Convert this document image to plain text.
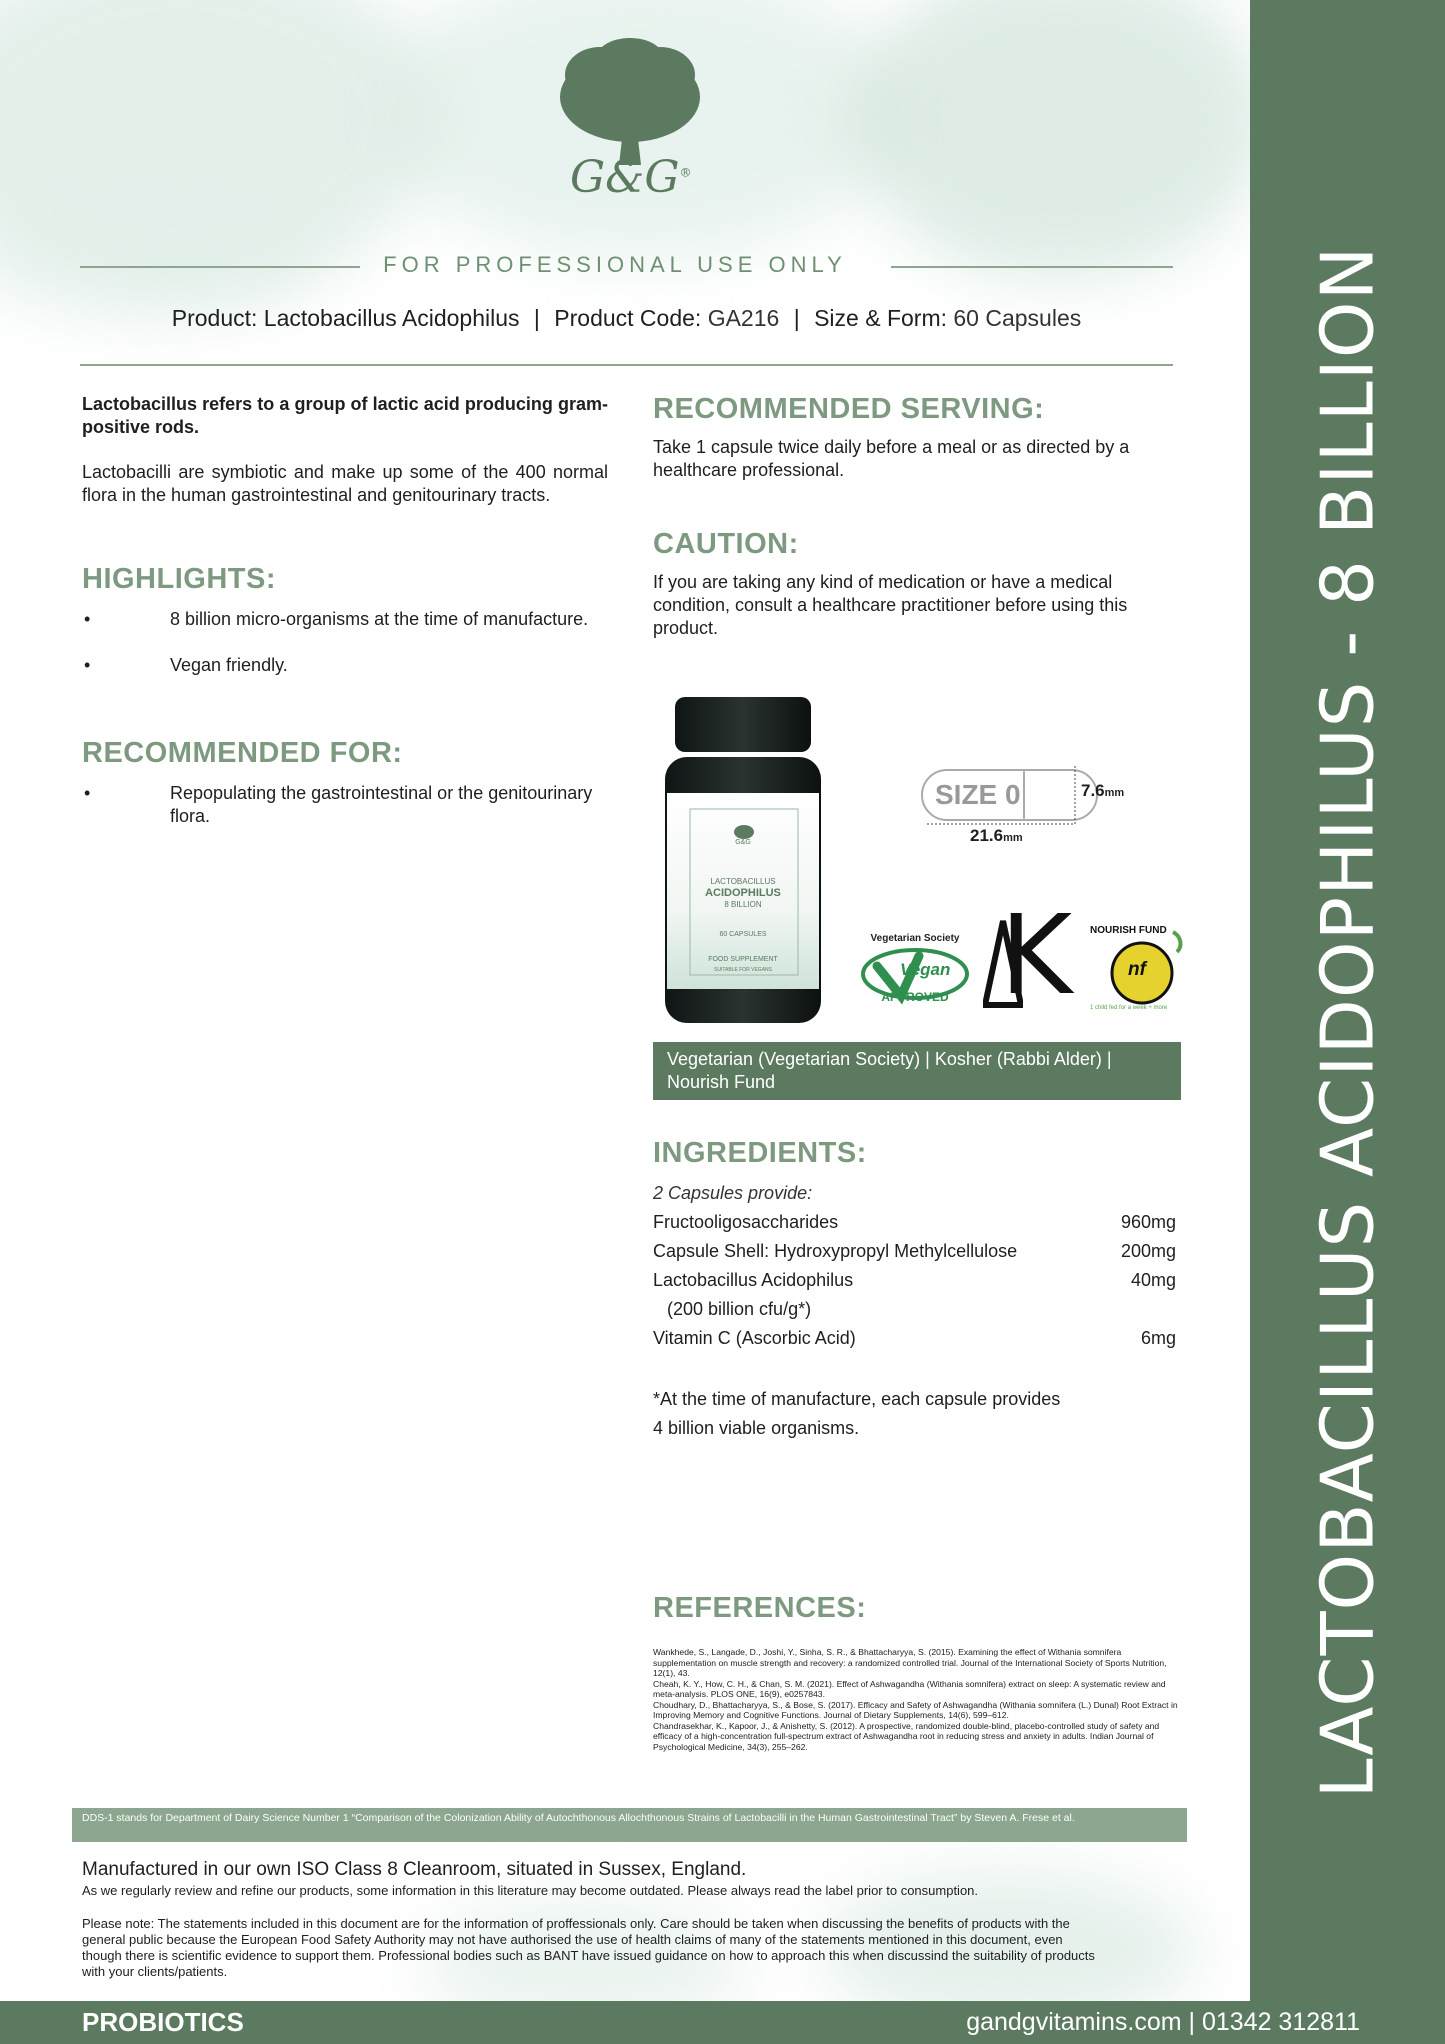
G&G®
FOR PROFESSIONAL USE ONLY
Product: Lactobacillus Acidophilus | Product Code: GA216 | Size & Form: 60 Capsules

Lactobacillus refers to a group of lactic acid producing gram-positive rods.

Lactobacilli are symbiotic and make up some of the 400 normal flora in the human gastrointestinal and genitourinary tracts.

HIGHLIGHTS:
•	8 billion micro-organisms at the time of manufacture.
•	Vegan friendly.
RECOMMENDED FOR:
•	Repopulating the gastrointestinal or the genitourinary flora.
RECOMMENDED SERVING:

Take 1 capsule twice daily before a meal or as directed by a healthcare professional.

CAUTION:

If you are taking any kind of medication or have a medical condition, consult a healthcare practitioner before using this product.

G&G
LACTOBACILLUS
ACIDOPHILUS
8 BILLION
60 CAPSULES
FOOD SUPPLEMENT
SUITABLE FOR VEGANS
SIZE 0	7.6mm
21.6mm
Vegetarian Society
Vegan
APPROVED K NOURISH FUND
nf
1 child fed for a week + more
Vegetarian (Vegetarian Society) | Kosher (Rabbi Alder) | Nourish Fund
INGREDIENTS:
2 Capsules provide:
Fructooligosaccharides	960mg
Capsule Shell: Hydroxypropyl Methylcellulose	200mg
Lactobacillus Acidophilus	40mg
(200 billion cfu/g*)
Vitamin C (Ascorbic Acid)	6mg

*At the time of manufacture, each capsule provides
4 billion viable organisms.

REFERENCES:
Wankhede, S., Langade, D., Joshi, Y., Sinha, S. R., & Bhattacharyya, S. (2015). Examining the effect of Withania somnifera supplementation on muscle strength and recovery: a randomized controlled trial. Journal of the International Society of Sports Nutrition, 12(1), 43.
Cheah, K. Y., How, C. H., & Chan, S. M. (2021). Effect of Ashwagandha (Withania somnifera) extract on sleep: A systematic review and meta-analysis. PLOS ONE, 16(9), e0257843.
Choudhary, D., Bhattacharyya, S., & Bose, S. (2017). Efficacy and Safety of Ashwagandha (Withania somnifera (L.) Dunal) Root Extract in Improving Memory and Cognitive Functions. Journal of Dietary Supplements, 14(6), 599–612.
Chandrasekhar, K., Kapoor, J., & Anishetty, S. (2012). A prospective, randomized double-blind, placebo-controlled study of safety and efficacy of a high-concentration full-spectrum extract of Ashwagandha root in reducing stress and anxiety in adults. Indian Journal of Psychological Medicine, 34(3), 255–262.
DDS-1 stands for Department of Dairy Science Number 1 “Comparison of the Colonization Ability of Autochthonous Allochthonous Strains of Lactobacilli in the Human Gastrointestinal Tract” by Steven A. Frese et al.
Manufactured in our own ISO Class 8 Cleanroom, situated in Sussex, England.
As we regularly review and refine our products, some information in this literature may become outdated. Please always read the label prior to consumption.
Please note: The statements included in this document are for the information of proffessionals only. Care should be taken when discussing the benefits of products with the general public because the European Food Safety Authority may not have authorised the use of health claims of many of the statements mentioned in this document, even though there is scientific evidence to support them. Professional bodies such as BANT have issued guidance on how to approach this when discussind the suitability of products with your clients/patients.
LACTOBACILLUS ACIDOPHILUS - 8 BILLION
PROBIOTICS	gandgvitamins.com | 01342 312811
